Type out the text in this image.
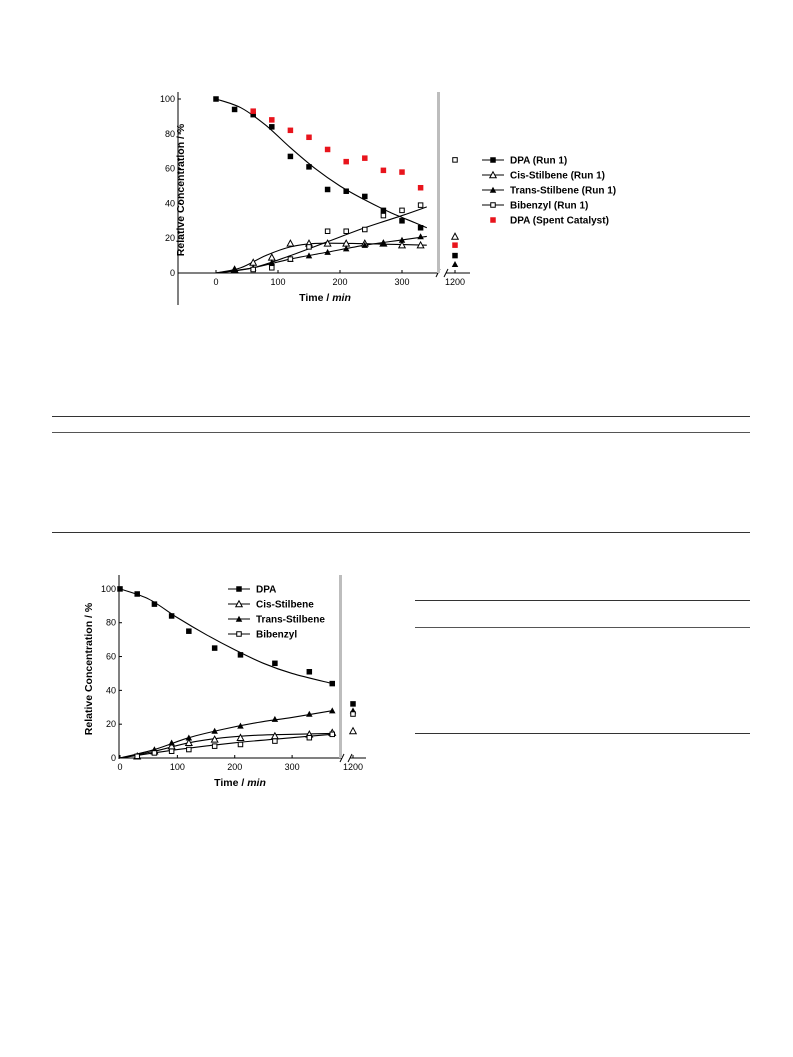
0
20
40
60
80
100
0	100	200	300	1200
Time / min
Relative Concentration / %	DPA (Run 1)
Cis-Stilbene (Run 1)
Trans-Stilbene (Run 1)
Bibenzyl (Run 1)
DPA (Spent Catalyst)
0
20
40
60
80
100
0	100	200	300	1200
Time / min
Relative Concentration / %
DPA
Cis-Stilbene
Trans-Stilbene
Bibenzyl
